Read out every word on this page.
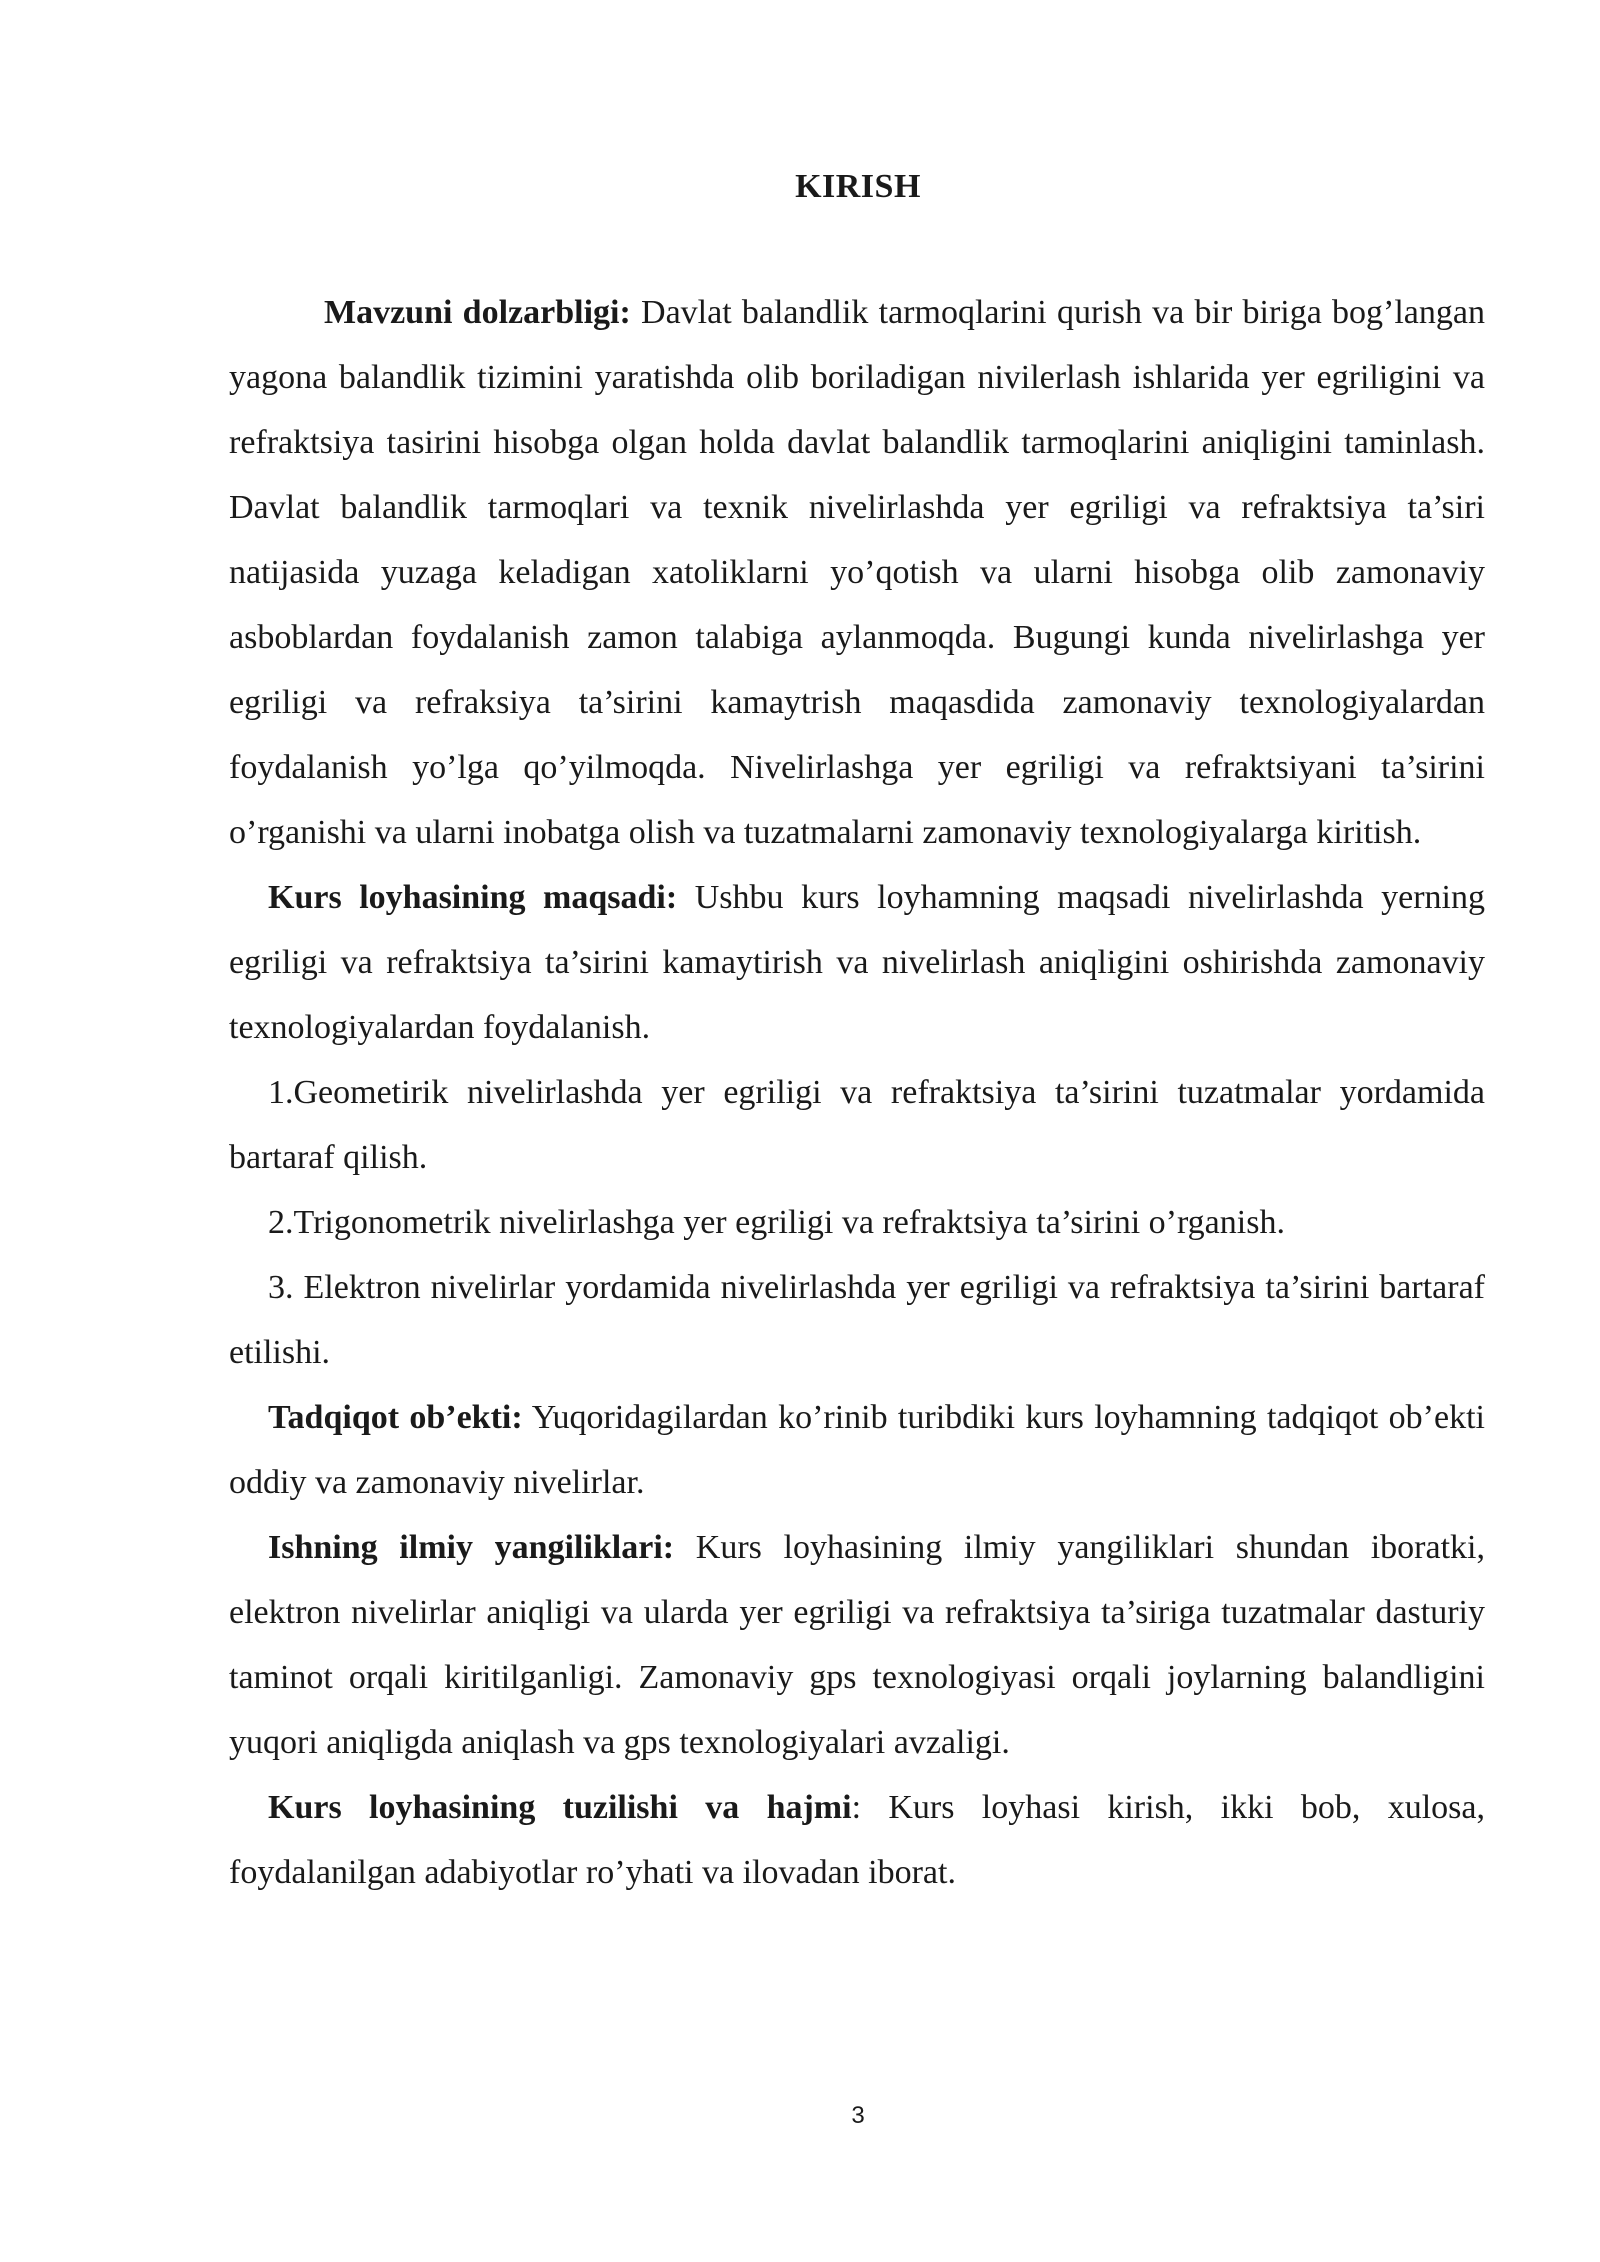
KIRISH

Mavzuni dolzarbligi: Davlat balandlik tarmoqlarini qurish va bir biriga bog’langan yagona balandlik tizimini yaratishda olib boriladigan nivilerlash ishlarida yer egriligini va refraktsiya tasirini hisobga olgan holda davlat balandlik tarmoqlarini aniqligini taminlash. Davlat balandlik tarmoqlari va texnik nivelirlashda yer egriligi va refraktsiya ta’siri natijasida yuzaga keladigan xatoliklarni yo’qotish va ularni hisobga olib zamonaviy asboblardan foydalanish zamon talabiga aylanmoqda. Bugungi kunda nivelirlashga yer egriligi va refraksiya ta’sirini kamaytrish maqasdida zamonaviy texnologiyalardan foydalanish yo’lga qo’yilmoqda. Nivelirlashga yer egriligi va refraktsiyani ta’sirini o’rganishi va ularni inobatga olish va tuzatmalarni zamonaviy texnologiyalarga kiritish.

Kurs loyhasining maqsadi: Ushbu kurs loyhamning maqsadi nivelirlashda yerning egriligi va refraktsiya ta’sirini kamaytirish va nivelirlash aniqligini oshirishda zamonaviy texnologiyalardan foydalanish.

1.Geometirik nivelirlashda yer egriligi va refraktsiya ta’sirini tuzatmalar yordamida bartaraf qilish.

2.Trigonometrik nivelirlashga yer egriligi va refraktsiya ta’sirini o’rganish.

3. Elektron nivelirlar yordamida nivelirlashda yer egriligi va refraktsiya ta’sirini bartaraf etilishi.

Tadqiqot ob’ekti: Yuqoridagilardan ko’rinib turibdiki kurs loyhamning tadqiqot ob’ekti oddiy va zamonaviy nivelirlar.

Ishning ilmiy yangiliklari: Kurs loyhasining ilmiy yangiliklari shundan iboratki, elektron nivelirlar aniqligi va ularda yer egriligi va refraktsiya ta’siriga tuzatmalar dasturiy taminot orqali kiritilganligi. Zamonaviy gps texnologiyasi orqali joylarning balandligini yuqori aniqligda aniqlash va gps texnologiyalari avzaligi.

Kurs loyhasining tuzilishi va hajmi: Kurs loyhasi kirish, ikki bob, xulosa, foydalanilgan adabiyotlar ro’yhati va ilovadan iborat.

3
